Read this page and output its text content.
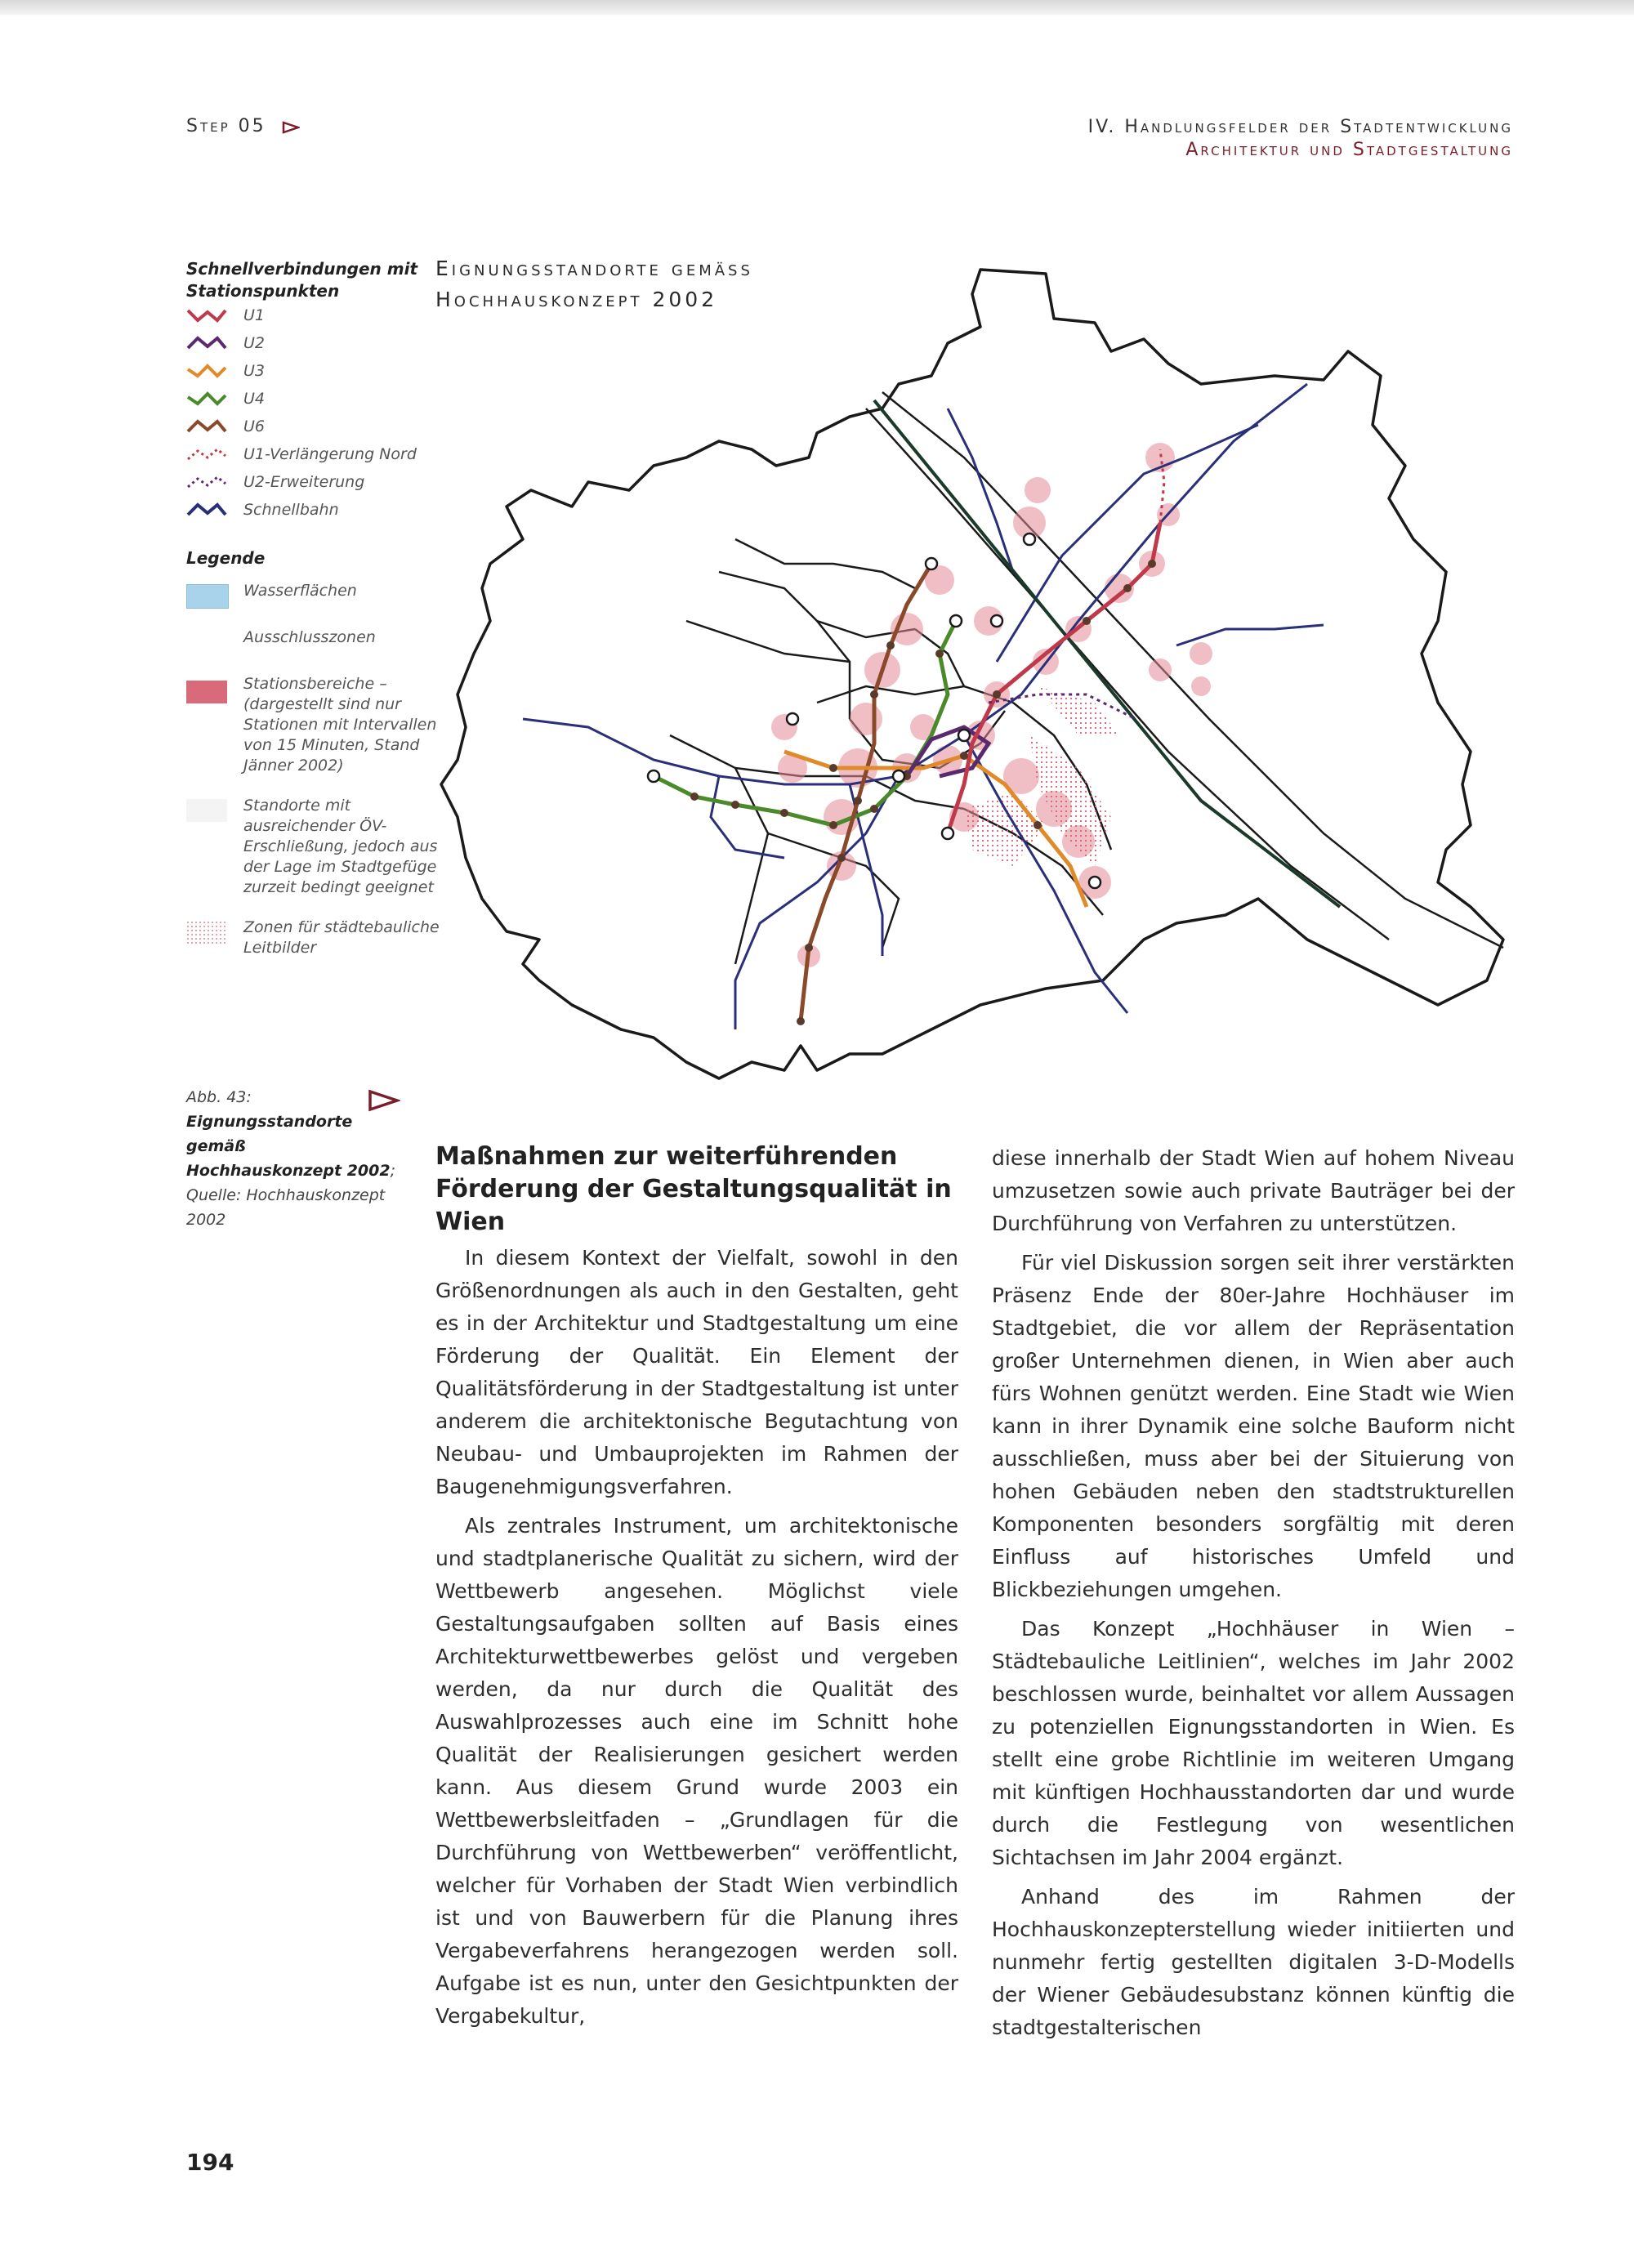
Step 05	IV. Handlungsfelder der Stadtentwicklung
Architektur und Stadtgestaltung
Schnellverbindungen mit Stationspunkten
U1
U2
U3
U4
U6
U1-Verlängerung Nord
U2-Erweiterung
Schnellbahn
Legende
Wasserflächen
Ausschlusszonen
Stationsbereiche – (dargestellt sind nur Stationen mit Intervallen von 15 Minuten, Stand Jänner 2002)
Standorte mit ausreichender ÖV-Erschließung, jedoch aus der Lage im Stadtgefüge zurzeit bedingt geeignet
Zonen für städtebauliche Leitbilder
Eignungsstandorte gemäss
Hochhauskonzept 2002
Abb. 43:
Eignungsstandorte gemäß Hochhauskonzept 2002; Quelle: Hochhauskonzept 2002
Maßnahmen zur weiterführenden Förderung der Gestaltungsqualität in Wien

In diesem Kontext der Vielfalt, sowohl in den Größenordnungen als auch in den Gestalten, geht es in der Architektur und Stadtgestaltung um eine Förderung der Qualität. Ein Element der Qualitätsförderung in der Stadtgestaltung ist unter anderem die architektonische Begutachtung von Neubau- und Umbauprojekten im Rahmen der Baugenehmigungsverfahren.

Als zentrales Instrument, um architektonische und stadtplanerische Qualität zu sichern, wird der Wettbewerb angesehen. Möglichst viele Gestaltungsaufgaben sollten auf Basis eines Architekturwettbewerbes gelöst und vergeben werden, da nur durch die Qualität des Auswahlprozesses auch eine im Schnitt hohe Qualität der Realisierungen gesichert werden kann. Aus diesem Grund wurde 2003 ein Wettbewerbsleitfaden – „Grundlagen für die Durchführung von Wettbewerben“ veröffentlicht, welcher für Vorhaben der Stadt Wien verbindlich ist und von Bauwerbern für die Planung ihres Vergabeverfahrens herangezogen werden soll. Aufgabe ist es nun, unter den Gesichtpunkten der Vergabekultur,

diese innerhalb der Stadt Wien auf hohem Niveau umzusetzen sowie auch private Bauträger bei der Durchführung von Verfahren zu unterstützen.

Für viel Diskussion sorgen seit ihrer verstärkten Präsenz Ende der 80er-Jahre Hochhäuser im Stadtgebiet, die vor allem der Repräsentation großer Unternehmen dienen, in Wien aber auch fürs Wohnen genützt werden. Eine Stadt wie Wien kann in ihrer Dynamik eine solche Bauform nicht ausschließen, muss aber bei der Situierung von hohen Gebäuden neben den stadtstrukturellen Komponenten besonders sorgfältig mit deren Einfluss auf historisches Umfeld und Blickbeziehungen umgehen.

Das Konzept „Hochhäuser in Wien – Städtebauliche Leitlinien“, welches im Jahr 2002 beschlossen wurde, beinhaltet vor allem Aussagen zu potenziellen Eignungsstandorten in Wien. Es stellt eine grobe Richtlinie im weiteren Umgang mit künftigen Hochhausstandorten dar und wurde durch die Festlegung von wesentlichen Sichtachsen im Jahr 2004 ergänzt.

Anhand des im Rahmen der Hochhauskonzepterstellung wieder initiierten und nunmehr fertig gestellten digitalen 3-D-Modells der Wiener Gebäudesubstanz können künftig die stadtgestalterischen

194
